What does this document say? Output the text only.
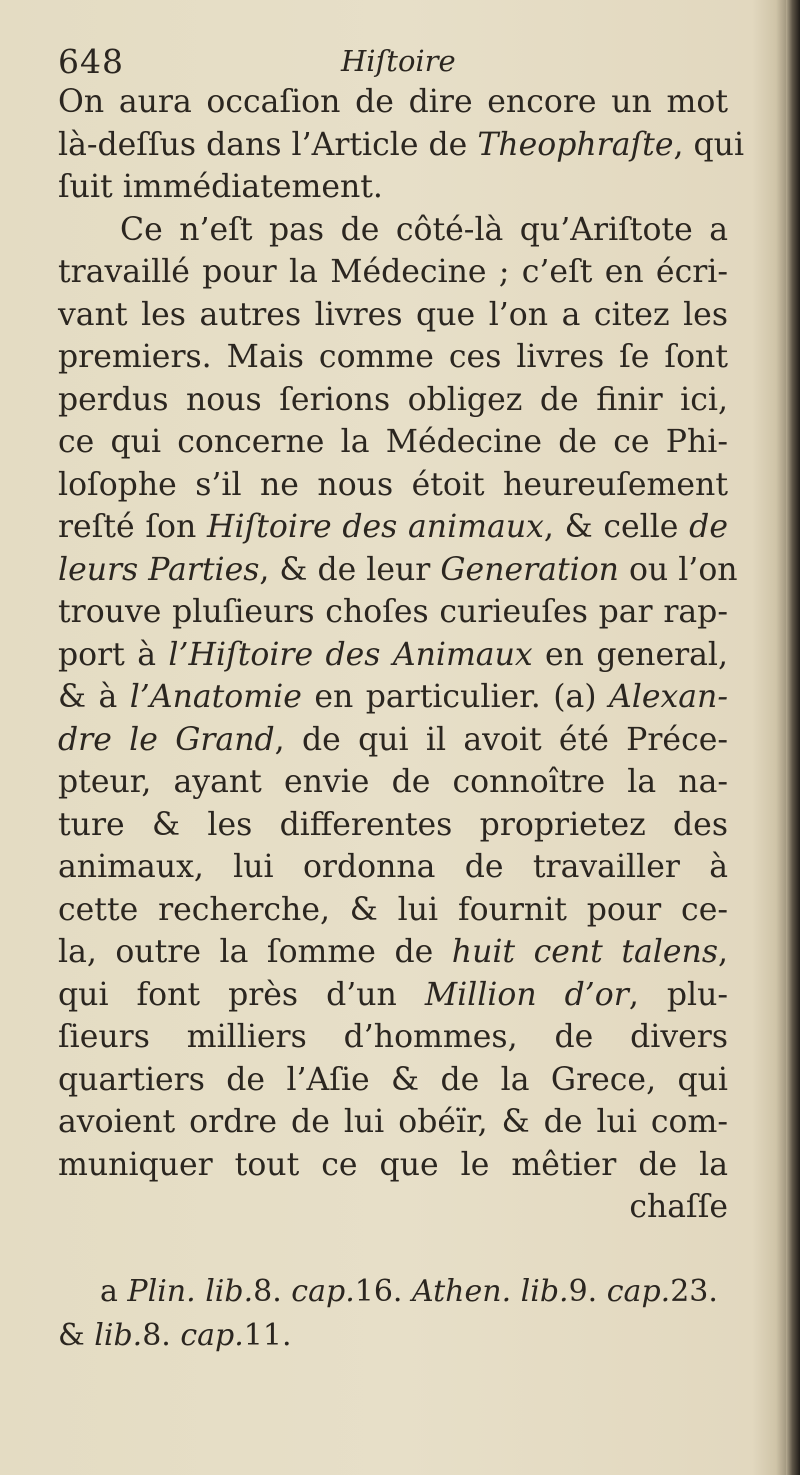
648	Hiſtoire
On aura occaſion de dire encore un mot
là-deſſus dans l’Article de Theophraſte, qui
ſuit immédiatement.
Ce n’eſt pas de côté-là qu’Ariſtote a
travaillé pour la Médecine ; c’eſt en écri-
vant les autres livres que l’on a citez les
premiers. Mais comme ces livres ſe ſont
perdus nous ſerions obligez de finir ici,
ce qui concerne la Médecine de ce Phi-
loſophe s’il ne nous étoit heureuſement
reſté ſon Hiſtoire des animaux, & celle de
leurs Parties, & de leur Generation ou l’on
trouve pluſieurs choſes curieuſes par rap-
port à l’Hiſtoire des Animaux en general,
& à l’Anatomie en particulier. (a) Alexan-
dre le Grand, de qui il avoit été Préce-
pteur, ayant envie de connoître la na-
ture & les differentes proprietez des
animaux, lui ordonna de travailler à
cette recherche, & lui fournit pour ce-
la, outre la ſomme de huit cent talens,
qui font près d’un Million d’or, plu-
ſieurs milliers d’hommes, de divers
quartiers de l’Aſie & de la Grece, qui
avoient ordre de lui obéïr, & de lui com-
muniquer tout ce que le mêtier de la
chaſſe
a Plin. lib.8. cap.16. Athen. lib.9. cap.23.
& lib.8. cap.11.
